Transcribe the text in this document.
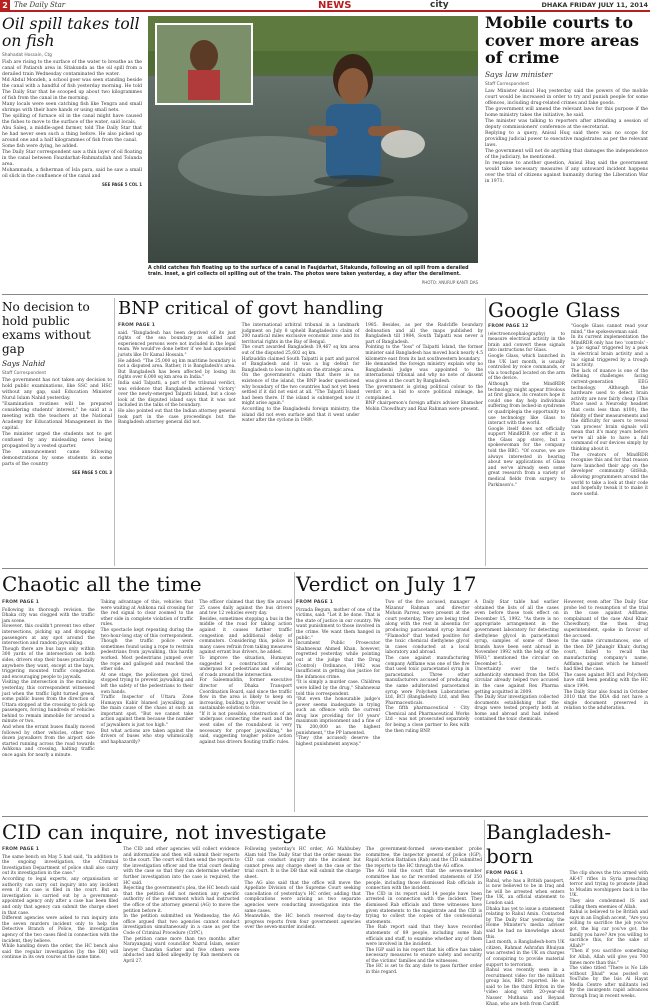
2 The Daily Star	NEWS	city	DHAKA FRIDAY JULY 11, 2014
Oil spill takes toll on fish
Shahadat Hossain, Ctg

Fish are rising to the surface of the water to breathe as the canal of Patiarsh area in Sitakunda as the oil spill from a derailed train Wednesday contaminated the water.

Md Abdul Mondeh, a school goer was seen standing beside the canal with a handful of fish yesterday morning. He told The Daily Star that he scooped up about two kilogrammes of fish from the canal in the morning.

Many locals were seen catching fish like Tengra and small shrimps with their bare hands or using small nets.

The spilling of furnace oil in the canal might have caused the fishes to move to the surface of the water, said locals.

Abu Saleq, a middle-aged farmer, told The Daily Star that he had never seen such a thing before. He also picked up around one and a half kilogrammes of fish from the canal.

Some fish were dying, he added.

The Daily Star correspondent saw a thin layer of oil floating in the canal between Fauzdarhat-Rahmatullah and Tolanda area.

Mohammadu, a fisherman of Isla para, said he saw a small oil slick in the confluence of the canal and

SEE PAGE 5 COL 1
A child catches fish floating up to the surface of a canal in Faujdarhat, Sitakunda, following an oil spill from a derailed train. Inset, a girl collects oil spilling out of the train. The photos were taken yesterday, a day after the derailment.
PHOTO: ANURUP KANTI DAS
Mobile courts to cover more areas of crime
Says law minister
Staff Correspondent

Law Minister Anisul Huq yesterday said the powers of the mobile court would be increased in order to try and punish people for some offences, including drug-related crimes and fake goods.

The government will amend the relevant laws for this purpose if the home ministry takes the initiative, he said.

The minister was talking to reporters after attending a session of deputy commissioners' conference at the secretariat.

Replying to a query, Anisul Huq said there was no scope for providing judicial power to executive magistrates as per the relevant laws.

The government will not do anything that damages the independence of the judiciary, he mentioned.

In response to another question, Anisul Huq said the government would take necessary measures if any untoward incident happens over the trial of citizens against humanity during the Liberation War in 1971.

No decision to hold public exams without gap
Says Nahid
Staff Correspondent

The government has not taken any decision to hold public examinations, like SSC and HSC without any gap, said Education Minister Nurul Islam Nahid yesterday.

"Examination routines will be prepared considering students' interest," he said at a meeting with the teachers at the National Academy for Educational Management in the capital.

The minister urged the students not to get confused by any misleading news being propagated by a vested quarter.

The announcement came following demonstrations by some students in some parts of the country

SEE PAGE 5 COL 3
BNP critical of govt handling
FROM PAGE 1

said. "Bangladesh has been deprived of its just rights of the sea boundary as skilled and experienced persons were not included in the legal team. We would've done better if we had appointed jurists like Dr Kamal Hossain."

He added: "The 25,000 sq km maritime boundary is not a disputed area. Rather, it is Bangladesh's area. But Bangladesh has been affected by losing its rights over 6,000 sq km area in India."

India said Talpatti, a part of the tribunal verdict, was evidence that Bangladesh achieved 'victory' over the newly-emerged Talpatti Island, but a close look at the disputed island says that it was not included in the talks of the boundary.

He also pointed out that the Indian attorney general took part in the case proceedings but the Bangladesh attorney general did not.

The international arbitral tribunal in a landmark judgment on July 8 upheld Bangladesh's claim of 200 nautical miles exclusive economic zone and its territorial rights in the Bay of Bengal.

The court awarded Bangladesh 19,467 sq km area out of the disputed 25,602 sq km.

Hafizuddin claimed South Talpatti is part and parcel of Bangladesh and it was a big defeat for Bangladesh to lose its rights on the strategic area.

On the government's claim that there is no existence of the island, the BNP leader questioned why boundary of the two countries had not yet been settled if it did not exist at all. "The Talpatti Island had been there. If the island is submerged now it might arise again."

According to the Bangladeshi foreign ministry, the island did not even surface and that it went under water after the cyclone in 1989.

1985. Besides, as per the Radcliffe boundary delineation and all the maps published by Bangladesh till 1984, South Talpatti was never a part of Bangladesh.

Pointing to the "loss" of Talpatti Island, the former minister said Bangladesh has moved back nearly 4.5 kilometre east from its last southwestern boundary.

He demanded the foreign ministry explain why no Bangladeshi judge was appointed to the international tribunal and why no note of dissent was given at the court by Bangladesh.

The government is giving political colour to the verdict in a bid to score political mileage, he complained.

BNP chairperson's foreign affairs adviser Shamsher Mobin Chowdhury and Riaz Rahman were present.

Google Glass
FROM PAGE 12

(electroencephalography) to measure electrical activity in the brain and convert these signals into instructions for Glass.

Google Glass, which launched in the UK last month, is usually controlled by voice commands, or via a touchpad located on the arm of the device.

Although the MindRDR technology might appear frivolous at first glance, its creators hope it could one day help individuals suffering from locked-in syndrome or quadriplegia the opportunity to use technology like Glass to interact with the world.

Google itself does not officially support MindRDR (or offer it in the Glass app store), but a spokeswoman for the company told the BBC: "Of course, we are always interested in hearing about new applications of Glass and we've already seen some great research from a variety of medical fields from surgery to Parkinson's."

"Google Glass cannot read your mind," the spokeswoman said.

In its current implementation the MindRDR only has two 'controls' - a 'pic signal' triggered by a peak in electrical brain activity and a 'no' signal triggered by a trough in activity.

The lack of nuance is one of the defining challenges facing current-generation EEG technology. Although the hardware used to detect brain activity are now fairly cheap (This Place used a Neurosky headset that costs less than $100), the fidelity of their measurements and the difficulty for users to reveal 'can process' brain signals will mean that it's many years before we're all able to have a full command of our devices simply by thinking about it.

The creators of MindRDR recognise this and for that reason have launched their app on the developer community GitHub, allowing programmers around the world to take a look at their code and hopefully tweak it to make it more useful.

Chaotic all the time
FROM PAGE 1

Following its thorough revision, the Dhaka city was clogged with the traffic jam scene.

However, this couldn't prevent two other intersections, picking up and dropping passengers at any spot around the intersection and random jaywalking.

Though there are bus bays only within 300 yards of the intersection on both sides, drivers stop their buses practically anywhere they want, except at the bays, triggering mounted traffic congestion and encouraging people to jaywalk.

Visiting the intersection in the morning yesterday, this correspondent witnessed just when the traffic light turned green, some public buses from the direction of Uttara stopped at the crossing to pick up passengers, forcing hundreds of vehicles behind to remain immobile for around a minute or two.

And when the errant buses finally moved followed by other vehicles, other two dozen jaywalkers from the airport side started running across the road towards Ashkona and crossing, halting traffic once again for nearly a minute.

Taking advantage of this, vehicles that were waiting at Ashkona rail crossing for the red signal to clear zoomed to the other side in complete violation of traffic rules.

The spectacle kept repeating during the two-hour-long stay of this correspondent. Though the traffic police were sometimes found using a rope to restrain pedestrians from jaywalking, this hardly worked. Most pedestrians jumped over the rope and galloped and reached the other side.

At one stage, the policemen got tired, stopped trying to prevent jaywalking and left the safety of the pedestrians to their own hands.

Traffic Inspector of Uttara Zone Humayun Kabir blamed jaywalking as the main cause of the chaos at such an important spot. "But we cannot take action against them because the number of jaywalkers is just too high."

But what actions are taken against the drivers of buses who stop whimsically and haphazardly?

The officer claimed that they file around 25 cases daily against the bus drivers and tow 12 vehicles every day.

Besides, sometimes stopping a bus in the middle of the road for taking action against it causes further traffic congestion and additional delay of commuters. Considering this, police in many cases refrain from taking measures against errant bus drivers, he added.

To improve the situation, Humayun suggested a construction of an underpass for pedestrians and widening of roads around the intersection.

For Saleemuddin, former executive director of Dhaka Transport Coordination Board, said since the traffic flow in the area is likely to keep on increasing, building a flyover would be a sustainable solution to this.

"If it is not possible, construction of an underpass connecting the east and the west sides of the roundabout is very necessary for proper jaywalking," he said, suggesting tougher police action against bus drivers flouting traffic rules.

Verdict on July 17
FROM PAGE 1

Pirzada Begum, mother of one of the victims, said: "Let it be done. That is the state of justice in our country. We want punishment to those involved in the crime. We want them hanged in public."

Incumbent Public Prosecutor Shahnewaz Ahmed Khan, however, regretted yesterday while pointing out at the judge that the Drug (Control) Ordinance, 1982 was insufficient in getting due justice for the infamous crime.

"It is simply a murder case. Children were killed by the drug," Shahnewaz told this correspondent.

"But even the honourable judge's power seems inadequate in trying such an offence with the current drug law providing for 10 years' maximum imprisonment and a fine of Tk 200,000 as the highest punishment," the PP lamented.

"They (the accused) deserve the highest punishment anyway."

Two of the five accused, manager Mizanur Rahman and director Mohsin Parvez, were present at the court yesterday. They are being tried along with the rest in absentia for producing paracetamol syrup brand "Flamodol" that tested positive for the toxic chemical diethylene glycol in cases conducted at a local laboratory and abroad.

The case against manufacturing company Adflame was one of the five that used toxic paracetamol syrup in paracetamol. Three other manufacturers accused of producing the same adulterated paracetamol syrup were Polychem Laboratories Ltd, BCI (Bangladesh) Ltd, and Rex Pharmaceuticals.

The fifth pharmaceutical - City Chemical and Pharmaceutical Works Ltd - was not prosecuted separately for being a close partner to Rex with the then ruling BNP.

A Daily Star table had earlier obtained the lists of all the cases even before those took effect on December 15, 1992. "As there is no appropriate arrangement in the government laboratory for detecting diethylene glycol in paracetamol syrup, samples of some of these brands have been sent abroad in November 1992 with the help of the WHO," mentioned the circular on December 5.

Uncertainty over the test's authenticity stemmed from the DDA circular already helped two accused in the case against Rex Pharma getting acquitted in 2009.

The Daily Star investigation collected documents establishing that the drugs were tested properly both at home and abroad and had indeed contained the toxic chemicals.

However, even after The Daily Star probe led to resumption of the trial in the case against Adflame, complainant of the case Abul Khair Chowdhury, the then drug superintendent, spoke in favour of the accused.

In the same circumstances, one of the then DP Jahangir Khair, during court, failed to recall the manufacturing company's name, Adflame, against which he himself had filed the case.

The cases against BCI and Polychem have still been pending with the HC since 1994.

The Daily Star also found in October 2010 that the DDA did not have a single document preserved in relation to the adulteration.

CID can inquire, not investigate
FROM PAGE 1

The same bench on May 5 had said, "In addition to the ongoing investigation, the Criminal Investigation Department of police shall also carry out its investigation in the case."

According to legal experts, any organisation or authority can carry out inquiry into any incident even if its case is filed in the court. But an investigation is carried out by a government-appointed agency only after a case has been filed and only that agency can submit the charge sheet in that case.

Different agencies were asked to run inquiry into the seven murders incident only to help the Detective Branch of Police, the investigation agency of the two cases filed in connection with the incident, they believe.

While handing down the order, the HC bench also said the regular investigation [by the DB] will continue in its own course at the same time.

The CID and other agencies will collect evidence and information and then will submit their reports to the court. The court will then send the reports to the investigation officer and the trial court dealing with the case so that they can determine whether further investigation into the case is required, the HC said.

Rejecting the government's plea, the HC bench said that the petition did not mention any specific authority of the government which had instructed the office of the attorney general (AG) to move the petition before it.

In the petition submitted on Wednesday, the AG office argued that two agencies cannot conduct investigation simultaneously in a case as per the Code of Criminal Procedure (CrPC).

The petition came more than two months after Narayanganj ward councillor Nazrul Islam, senior lawyer Chandan Sarker and five others were abducted and killed allegedly by Rab members on April 27.

Following yesterday's HC order, AG Mahbubey Alam told The Daily Star that the order means the CID can conduct inquiry into the incident but cannot press any charge sheet in the case or the trial court. It is the DB that will submit the charge sheet.

The AG also said that the office will move the Appellate Division of the Supreme Court seeking cancellation of yesterday's HC order, adding that complications were arising as two separate agencies were conducting investigation into the same cases.

Meanwhile, the HC bench reserved day-to-day progress reports from four government agencies over the seven-murder incident.

The government-formed seven-member probe committee, the inspector general of police (IGP), Rapid Action Battalion (Rab) and the CID submitted the reports to the HC through the AG office.

The AG told the court that the seven-member committee has so far recorded statements of 350 people, including those dismissed Rab officials in connection with the incident.

The CID in its report said 14 people have been arrested in connection with the incident. They dismissed Rab officials and three witnesses have given statements to the magistrate and the CID is trying to collect the copies of the confessional statements.

The Rab report said that they have recorded statements of 89 people, including some Rab officials and staff, to examine whether any of them were involved in the incident.

The IGP said in his report that his office has taken necessary measures to ensure safety and security of the victims' families and the witnesses.

The HC is set to fix any date to pass further order in this regard.

Bangladesh-born
FROM PAGE 1

Rahul, who has a British passport, is now believed to be in Iraq and he will be arrested when enters the UK, an official statement to London said.

Dhaka has yet to issue a statement relating to Rahul Amin. Contacted by The Daily Star yesterday, the Home Minister's media adviser said he had no knowledge about this.

Last month, a Bangladesh-born UK citizen, Rahmat Ashrafun Bhuiyan was arrested in the UK on charges of conspiring to provide material support to terrorism.

Rahul was recently seen in a recruitment video for the militant group Isis, BBC reported. He is said to be the third Briton in the video along with 20-year-old Nasser Muthana and Reyaad Khan, who are both from Cardiff.

The clip shows the trio armed with AK-47 rifles in Syria preaching terror and trying to promote jihad to Muslim worshippers back in the UK.

They also condemned IS and calling them enemies of Allah.

Rahul is believed to be British and says in an English accent, "Are you willing to sacrifice the job you've got, the big car you've got, the family you have? Are you willing to sacrifice this, for the sake of Allah?"

"Then if you sacrifice something for Allah, Allah will give you 700 times more than this."

The video titled "There is No Life without Jihad" was posted on YouTube by the Isis Al Hayat Media Centre after militants led by the insurgents rapid advances through Iraq in recent weeks.
